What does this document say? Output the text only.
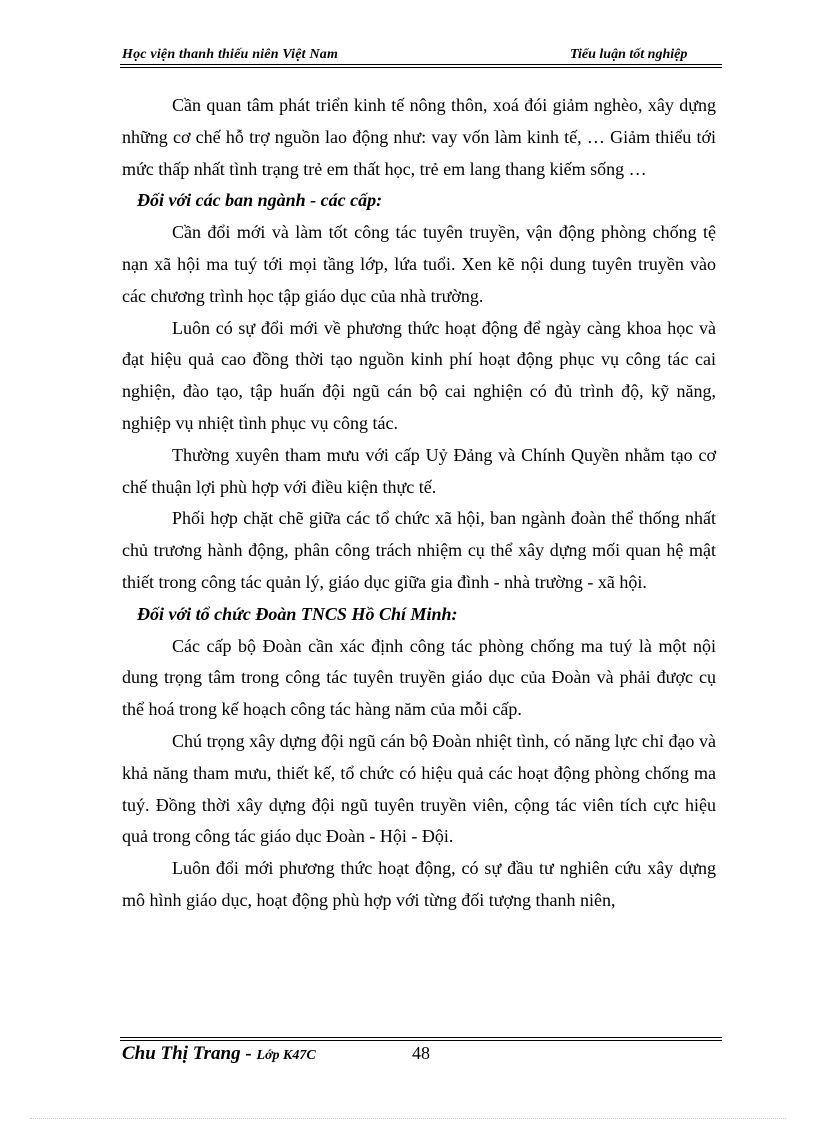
Học viện thanh thiếu niên Việt Nam	Tiểu luận tốt nghiệp

Cần quan tâm phát triển kinh tế nông thôn, xoá đói giảm nghèo, xây dựng những cơ chế hỗ trợ nguồn lao động như: vay vốn làm kinh tế, … Giảm thiểu tới mức thấp nhất tình trạng trẻ em thất học, trẻ em lang thang kiếm sống …

Đối với các ban ngành - các cấp:

Cần đổi mới và làm tốt công tác tuyên truyền, vận động phòng chống tệ nạn xã hội ma tuý tới mọi tầng lớp, lứa tuổi. Xen kẽ nội dung tuyên truyền vào các chương trình học tập giáo dục của nhà trường.

Luôn có sự đổi mới về phương thức hoạt động để ngày càng khoa học và đạt hiệu quả cao đồng thời tạo nguồn kinh phí hoạt động phục vụ công tác cai nghiện, đào tạo, tập huấn đội ngũ cán bộ cai nghiện có đủ trình độ, kỹ năng, nghiệp vụ nhiệt tình phục vụ công tác.

Thường xuyên tham mưu với cấp Uỷ Đảng và Chính Quyền nhằm tạo cơ chế thuận lợi phù hợp với điều kiện thực tế.

Phối hợp chặt chẽ giữa các tổ chức xã hội, ban ngành đoàn thể thống nhất chủ trương hành động, phân công trách nhiệm cụ thể xây dựng mối quan hệ mật thiết trong công tác quản lý, giáo dục giữa gia đình - nhà trường - xã hội.

Đối với tổ chức Đoàn TNCS Hồ Chí Minh:

Các cấp bộ Đoàn cần xác định công tác phòng chống ma tuý là một nội dung trọng tâm trong công tác tuyên truyền giáo dục của Đoàn và phải được cụ thể hoá trong kế hoạch công tác hàng năm của mỗi cấp.

Chú trọng xây dựng đội ngũ cán bộ Đoàn nhiệt tình, có năng lực chỉ đạo và khả năng tham mưu, thiết kế, tổ chức có hiệu quả các hoạt động phòng chống ma tuý. Đồng thời xây dựng đội ngũ tuyên truyền viên, cộng tác viên tích cực hiệu quả trong công tác giáo dục Đoàn - Hội - Đội.

Luôn đổi mới phương thức hoạt động, có sự đầu tư nghiên cứu xây dựng mô hình giáo dục, hoạt động phù hợp với từng đối tượng thanh niên,

Chu Thị Trang - Lớp K47C	48
